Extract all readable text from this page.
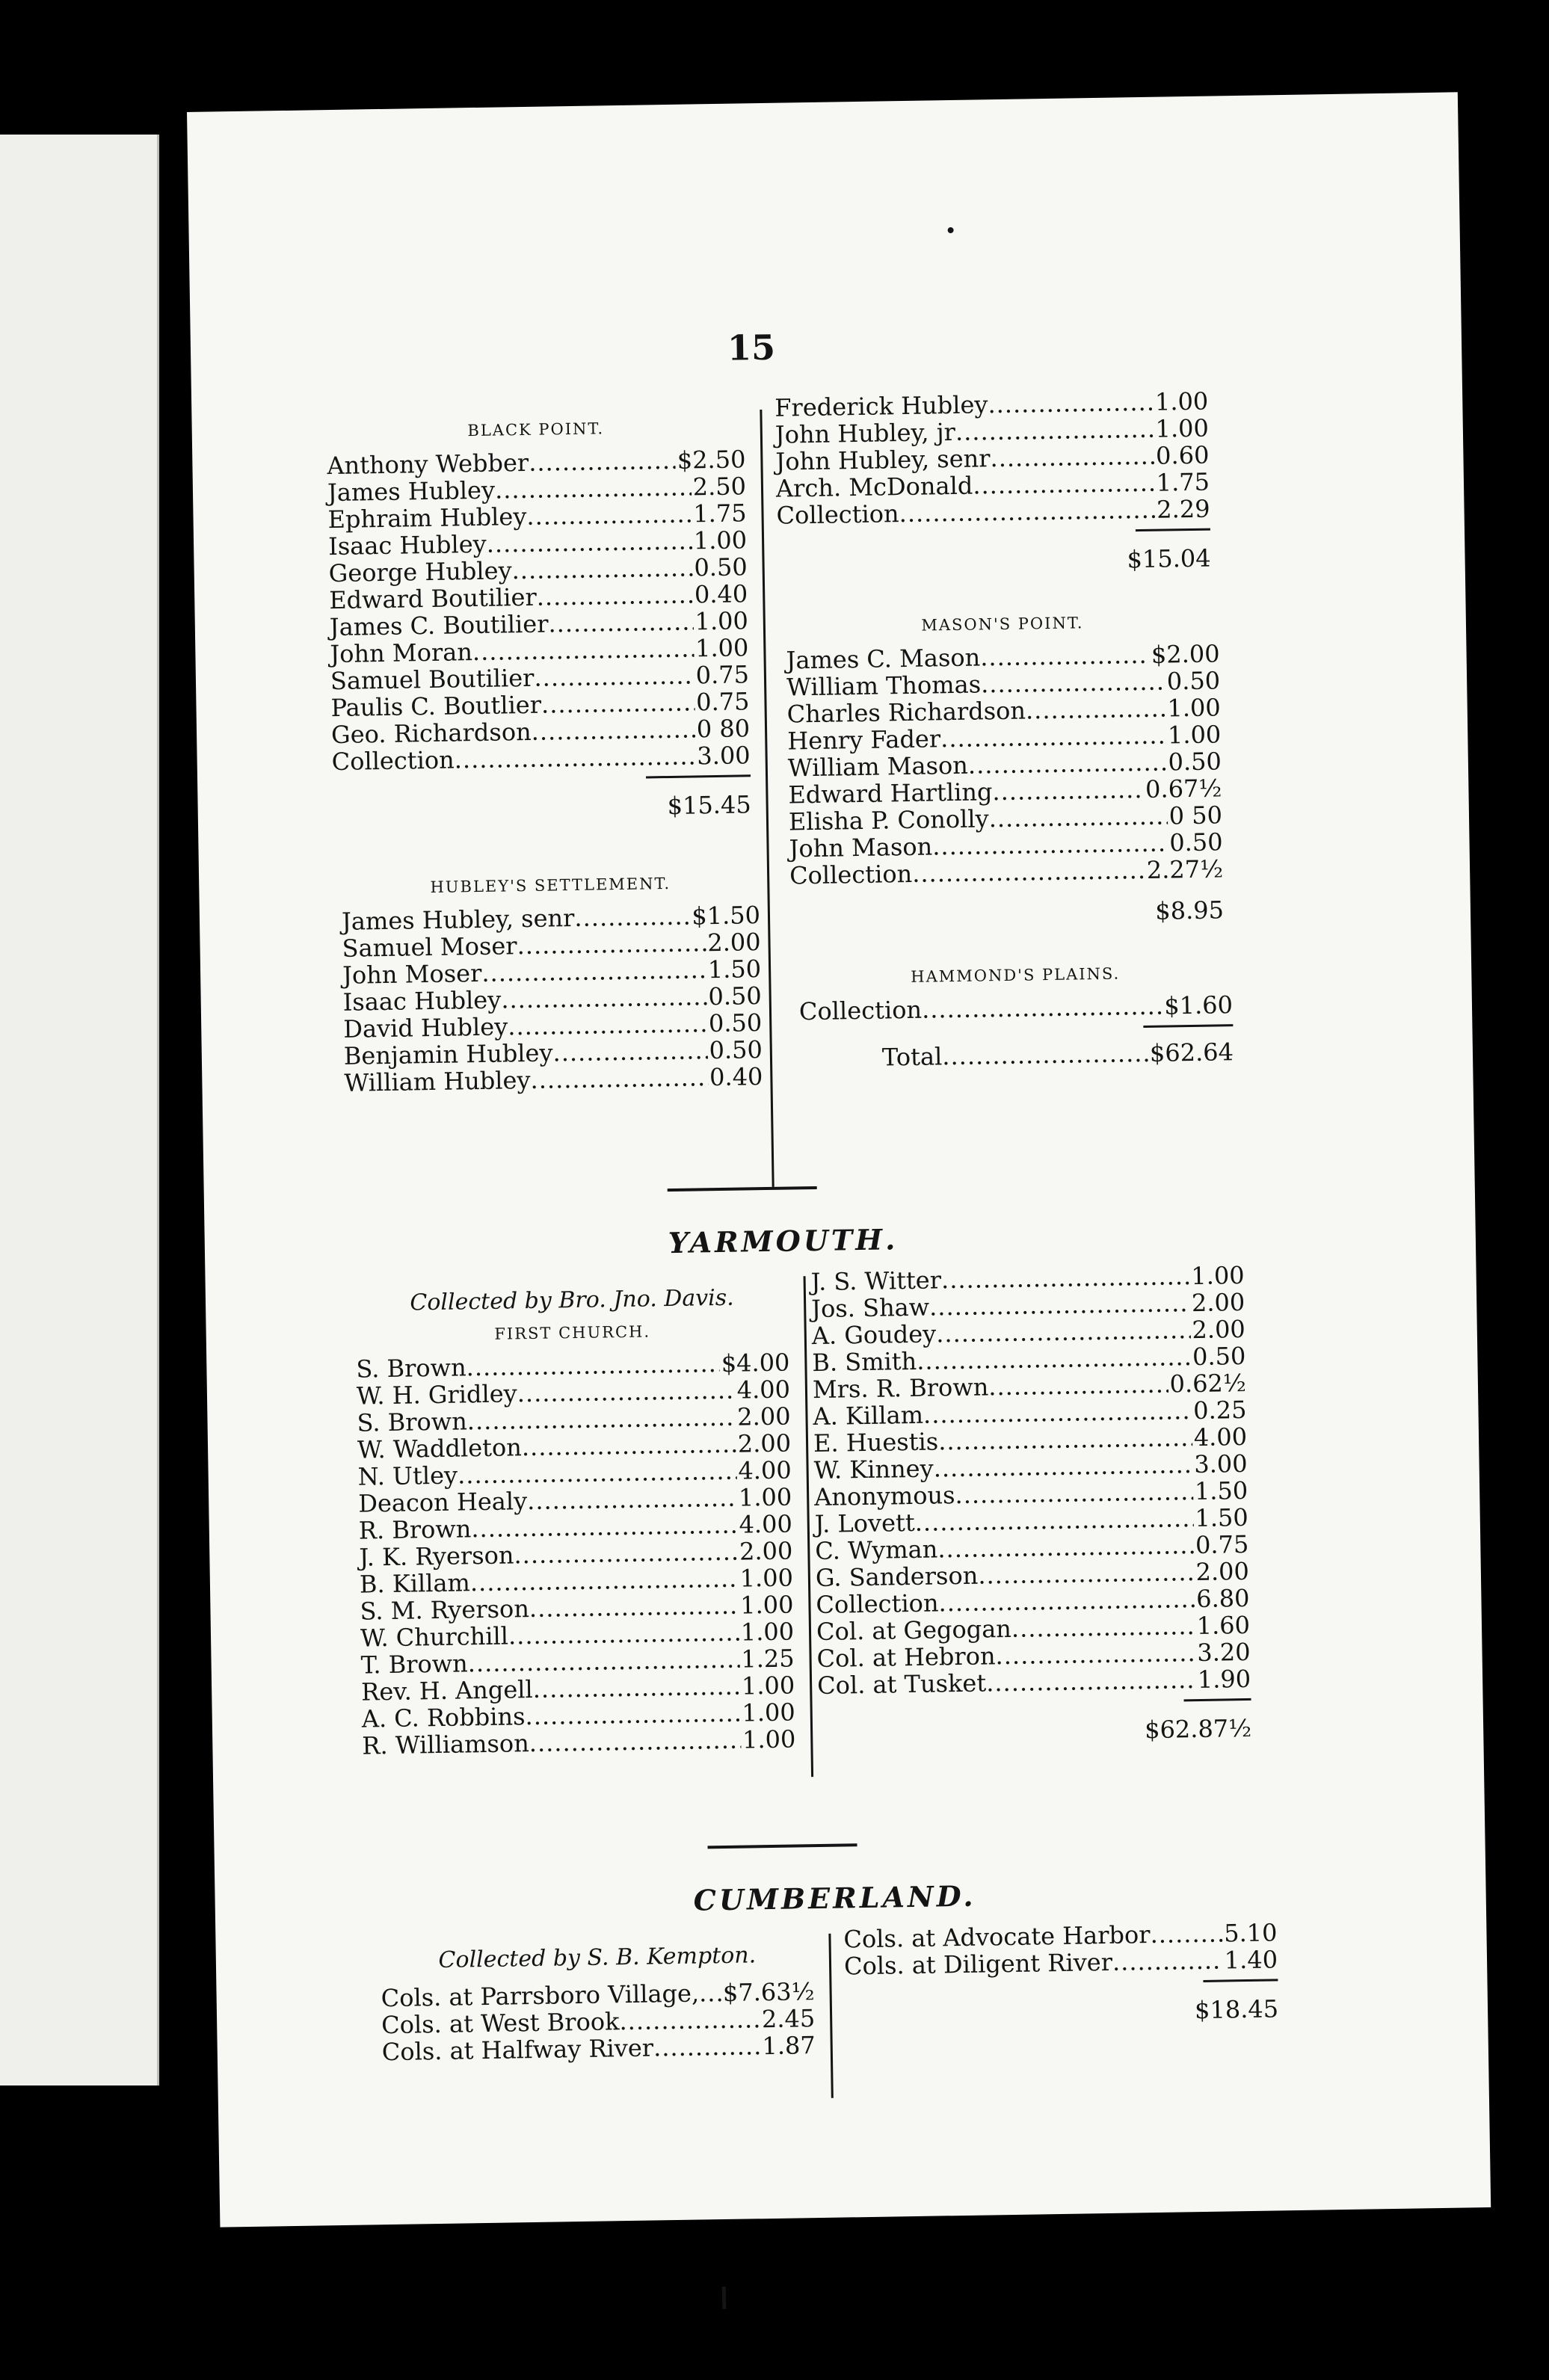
15
BLACK POINT.
Anthony Webber .....	$2.50
James Hubley .....	2.50
Ephraim Hubley .....	1.75
Isaac Hubley .....	1.00
George Hubley .....	0.50
Edward Boutilier .....	0.40
James C. Boutilier .....	1.00
John Moran .....	1.00
Samuel Boutilier .....	0.75
Paulis C. Boutlier .....	0.75
Geo. Richardson .....	0 80
Collection .....	3.00
$15.45
HUBLEY'S SETTLEMENT.
James Hubley, senr .....	$1.50
Samuel Moser .....	2.00
John Moser .....	1.50
Isaac Hubley .....	0.50
David Hubley .....	0.50
Benjamin Hubley .....	0.50
William Hubley .....	0.40
Frederick Hubley .....	1.00
John Hubley, jr .....	1.00
John Hubley, senr .....	0.60
Arch. McDonald .....	1.75
Collection .....	2.29
$15.04
MASON'S POINT.
James C. Mason .....	$2.00
William Thomas .....	0.50
Charles Richardson .....	1.00
Henry Fader .....	1.00
William Mason .....	0.50
Edward Hartling .....	0.67½
Elisha P. Conolly .....	0 50
John Mason .....	0.50
Collection .....	2.27½
$8.95
HAMMOND'S PLAINS.
Collection .....	$1.60
Total .....	$62.64
YARMOUTH.
Collected by Bro. Jno. Davis.
FIRST CHURCH.
S. Brown .....	$4.00
W. H. Gridley .....	4.00
S. Brown .....	2.00
W. Waddleton .....	2.00
N. Utley .....	4.00
Deacon Healy .....	1.00
R. Brown .....	4.00
J. K. Ryerson .....	2.00
B. Killam .....	1.00
S. M. Ryerson .....	1.00
W. Churchill .....	1.00
T. Brown .....	1.25
Rev. H. Angell .....	1.00
A. C. Robbins .....	1.00
R. Williamson .....	1.00
J. S. Witter .....	1.00
Jos. Shaw .....	2.00
A. Goudey .....	2.00
B. Smith .....	0.50
Mrs. R. Brown .....	0.62½
A. Killam .....	0.25
E. Huestis .....	4.00
W. Kinney .....	3.00
Anonymous .....	1.50
J. Lovett .....	1.50
C. Wyman .....	0.75
G. Sanderson .....	2.00
Collection .....	6.80
Col. at Gegogan .....	1.60
Col. at Hebron .....	3.20
Col. at Tusket .....	1.90
$62.87½
CUMBERLAND.
Collected by S. B. Kempton.
Cols. at Parrsboro Village, ..... $7.63½
Cols. at West Brook .....	2.45
Cols. at Halfway River .....	1.87
Cols. at Advocate Harbor .....	5.10
Cols. at Diligent River .....	1.40
$18.45
